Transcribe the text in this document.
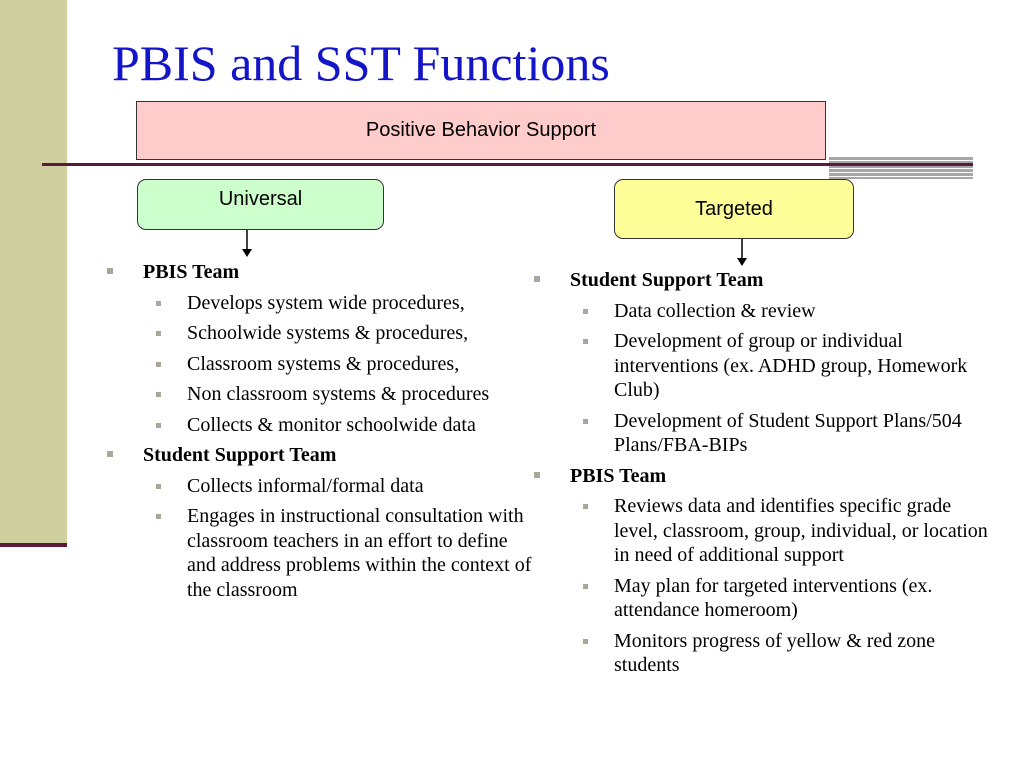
PBIS and SST Functions
Positive Behavior Support
Universal	Targeted
PBIS Team
Develops system wide procedures,
Schoolwide systems & procedures,
Classroom systems & procedures,
Non classroom systems & procedures
Collects & monitor schoolwide data
Student Support Team
Collects informal/formal data
Engages in instructional consultation with classroom teachers in an effort to define and address problems within the context of the classroom
Student Support Team
Data collection & review
Development of group or individual interventions (ex. ADHD group, Homework Club)
Development of Student Support Plans/504 Plans/FBA-BIPs
PBIS Team
Reviews data and identifies specific grade level, classroom, group, individual, or location in need of additional support
May plan for targeted interventions (ex. attendance homeroom)
Monitors progress of yellow & red zone students
